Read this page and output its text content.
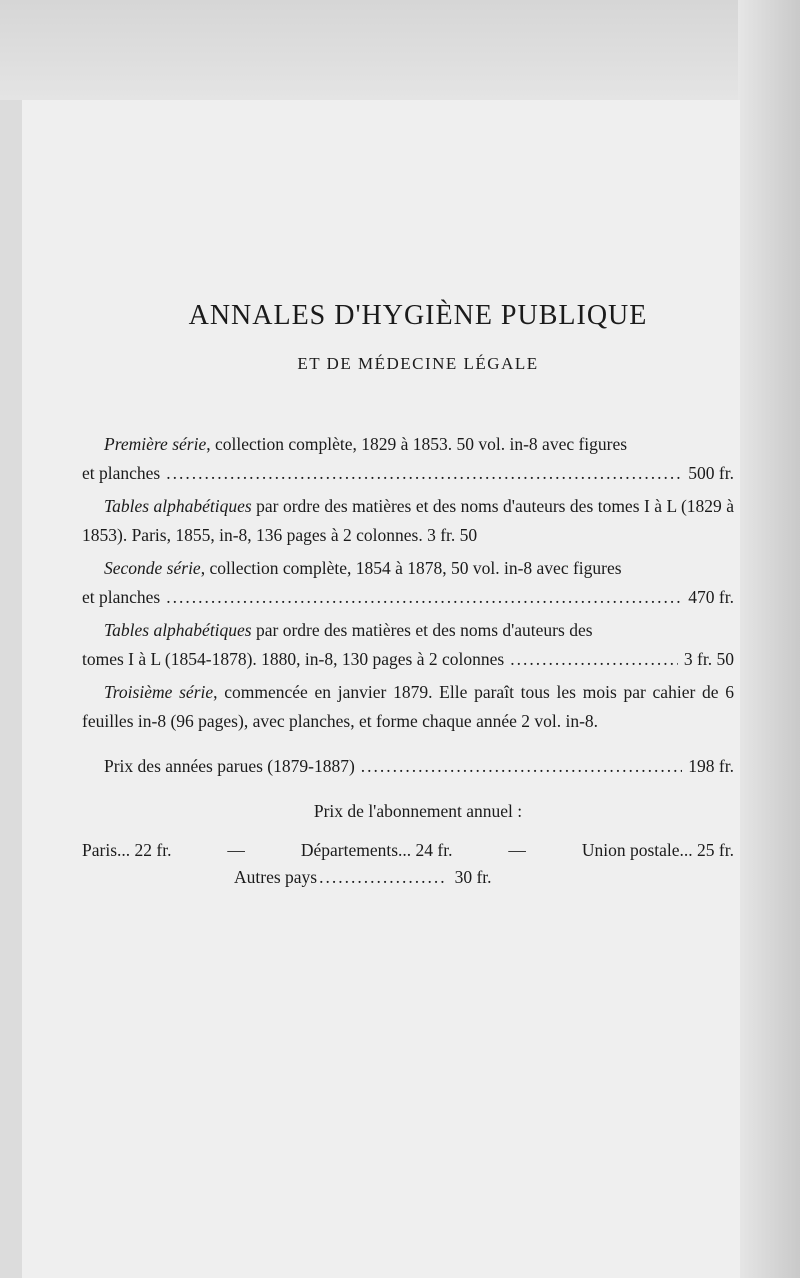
ANNALES D'HYGIÈNE PUBLIQUE
ET DE MÉDECINE LÉGALE

Première série, collection complète, 1829 à 1853. 50 vol. in-8 avec figures

et planches .....	500 fr.

Tables alphabétiques par ordre des matières et des noms d'auteurs des tomes I à L (1829 à 1853). Paris, 1855, in-8, 136 pages à 2 colonnes. 3 fr. 50

Seconde série, collection complète, 1854 à 1878, 50 vol. in-8 avec figures

et planches .....	470 fr.

Tables alphabétiques par ordre des matières et des noms d'auteurs des

tomes I à L (1854-1878). 1880, in-8, 130 pages à 2 colonnes .....	3 fr. 50

Troisième série, commencée en janvier 1879. Elle paraît tous les mois par cahier de 6 feuilles in-8 (96 pages), avec planches, et forme chaque année 2 vol. in-8.

Prix des années parues (1879-1887) .....	198 fr.
Prix de l'abonnement annuel :
Paris... 22 fr.	—	Départements... 24 fr.	—	Union postale... 25 fr.
Autres pays .................... 30 fr.
